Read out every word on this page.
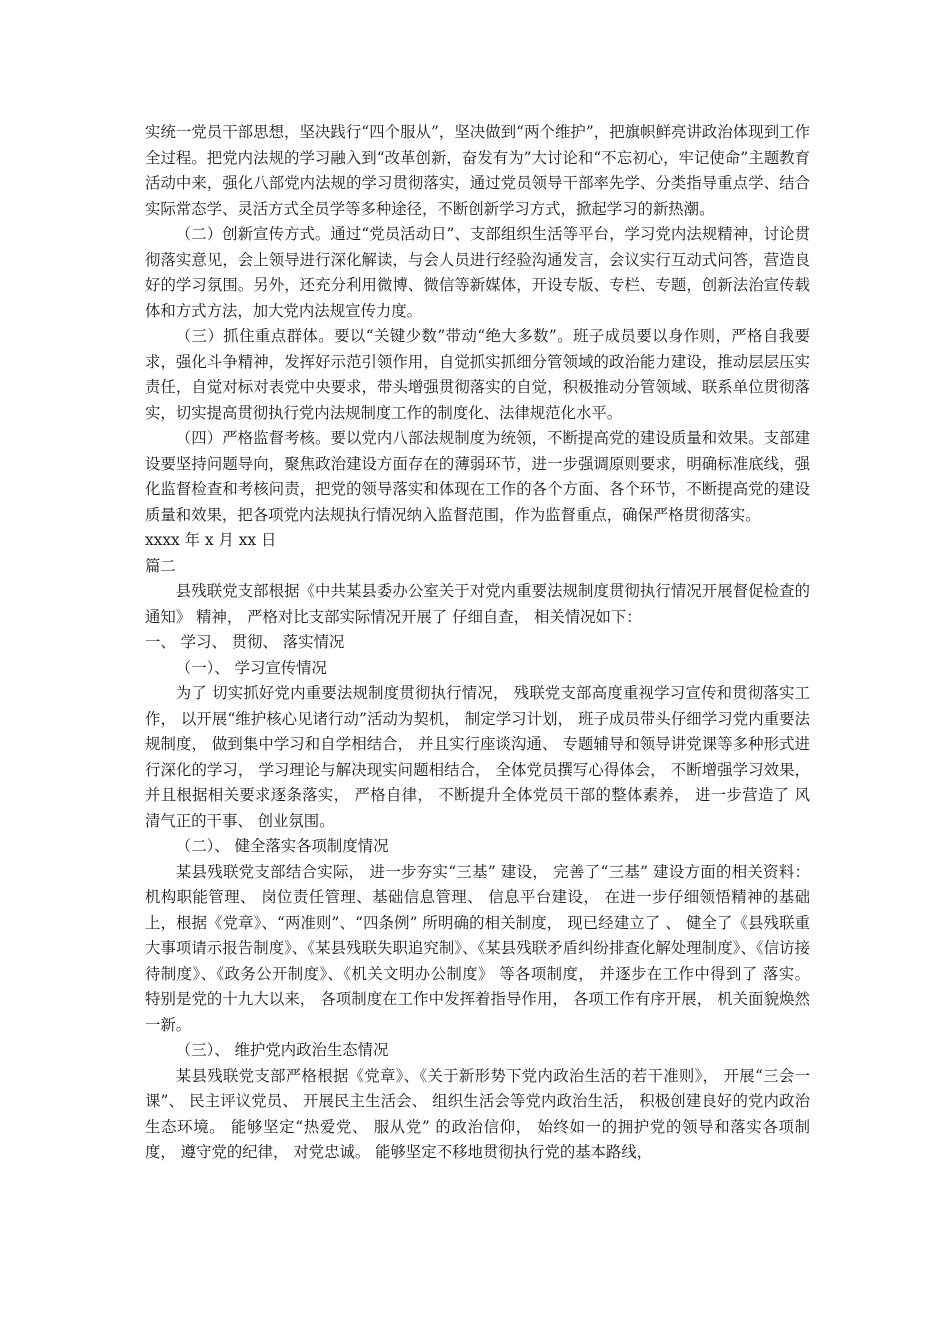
实统一党员干部思想，坚决践行“四个服从”，坚决做到“两个维护”，把旗帜鲜亮讲政治体现到工作全过程。把党内法规的学习融入到“改革创新，奋发有为”大讨论和“不忘初心，牢记使命”主题教育活动中来，强化八部党内法规的学习贯彻落实，通过党员领导干部率先学、分类指导重点学、结合实际常态学、灵活方式全员学等多种途径，不断创新学习方式，掀起学习的新热潮。

（二）创新宣传方式。通过“党员活动日”、支部组织生活等平台，学习党内法规精神，讨论贯彻落实意见，会上领导进行深化解读，与会人员进行经验沟通发言，会议实行互动式问答，营造良好的学习氛围。另外，还充分利用微博、微信等新媒体，开设专版、专栏、专题，创新法治宣传载体和方式方法，加大党内法规宣传力度。

（三）抓住重点群体。要以“关键少数”带动“绝大多数”。班子成员要以身作则，严格自我要求，强化斗争精神，发挥好示范引领作用，自觉抓实抓细分管领域的政治能力建设，推动层层压实责任，自觉对标对表党中央要求，带头增强贯彻落实的自觉，积极推动分管领域、联系单位贯彻落实，切实提高贯彻执行党内法规制度工作的制度化、法律规范化水平。

（四）严格监督考核。要以党内八部法规制度为统领，不断提高党的建设质量和效果。支部建设要坚持问题导向，聚焦政治建设方面存在的薄弱环节，进一步强调原则要求，明确标准底线，强化监督检查和考核问责，把党的领导落实和体现在工作的各个方面、各个环节，不断提高党的建设质量和效果，把各项党内法规执行情况纳入监督范围，作为监督重点，确保严格贯彻落实。

xxxx 年 x 月 xx 日

篇二

县残联党支部根据《中共某县委办公室关于对党内重要法规制度贯彻执行情况开展督促检查的通知》 精神， 严格对比支部实际情况开展了 仔细自查， 相关情况如下：

一、 学习、 贯彻、 落实情况

（一）、 学习宣传情况

为了 切实抓好党内重要法规制度贯彻执行情况， 残联党支部高度重视学习宣传和贯彻落实工作， 以开展“维护核心见诸行动”活动为契机， 制定学习计划， 班子成员带头仔细学习党内重要法规制度， 做到集中学习和自学相结合， 并且实行座谈沟通、 专题辅导和领导讲党课等多种形式进行深化的学习， 学习理论与解决现实问题相结合， 全体党员撰写心得体会， 不断增强学习效果，并且根据相关要求逐条落实， 严格自律， 不断提升全体党员干部的整体素养， 进一步营造了 风清气正的干事、 创业氛围。

（二）、 健全落实各项制度情况

某县残联党支部结合实际， 进一步夯实“三基” 建设， 完善了“三基” 建设方面的相关资料： 机构职能管理、 岗位责任管理、基础信息管理、 信息平台建设， 在进一步仔细领悟精神的基础上，根据《党章》、“两准则”、“四条例” 所明确的相关制度， 现已经建立了 、 健全了《县残联重大事项请示报告制度》、《某县残联失职追究制》、《某县残联矛盾纠纷排查化解处理制度》、《信访接待制度》、《政务公开制度》、《机关文明办公制度》 等各项制度， 并逐步在工作中得到了 落实。 特别是党的十九大以来， 各项制度在工作中发挥着指导作用， 各项工作有序开展， 机关面貌焕然一新。

（三）、 维护党内政治生态情况

某县残联党支部严格根据《党章》、《关于新形势下党内政治生活的若干准则》， 开展“三会一课”、 民主评议党员、 开展民主生活会、 组织生活会等党内政治生活， 积极创建良好的党内政治生态环境。 能够坚定“热爱党、 服从党” 的政治信仰， 始终如一的拥护党的领导和落实各项制度， 遵守党的纪律， 对党忠诚。 能够坚定不移地贯彻执行党的基本路线，
